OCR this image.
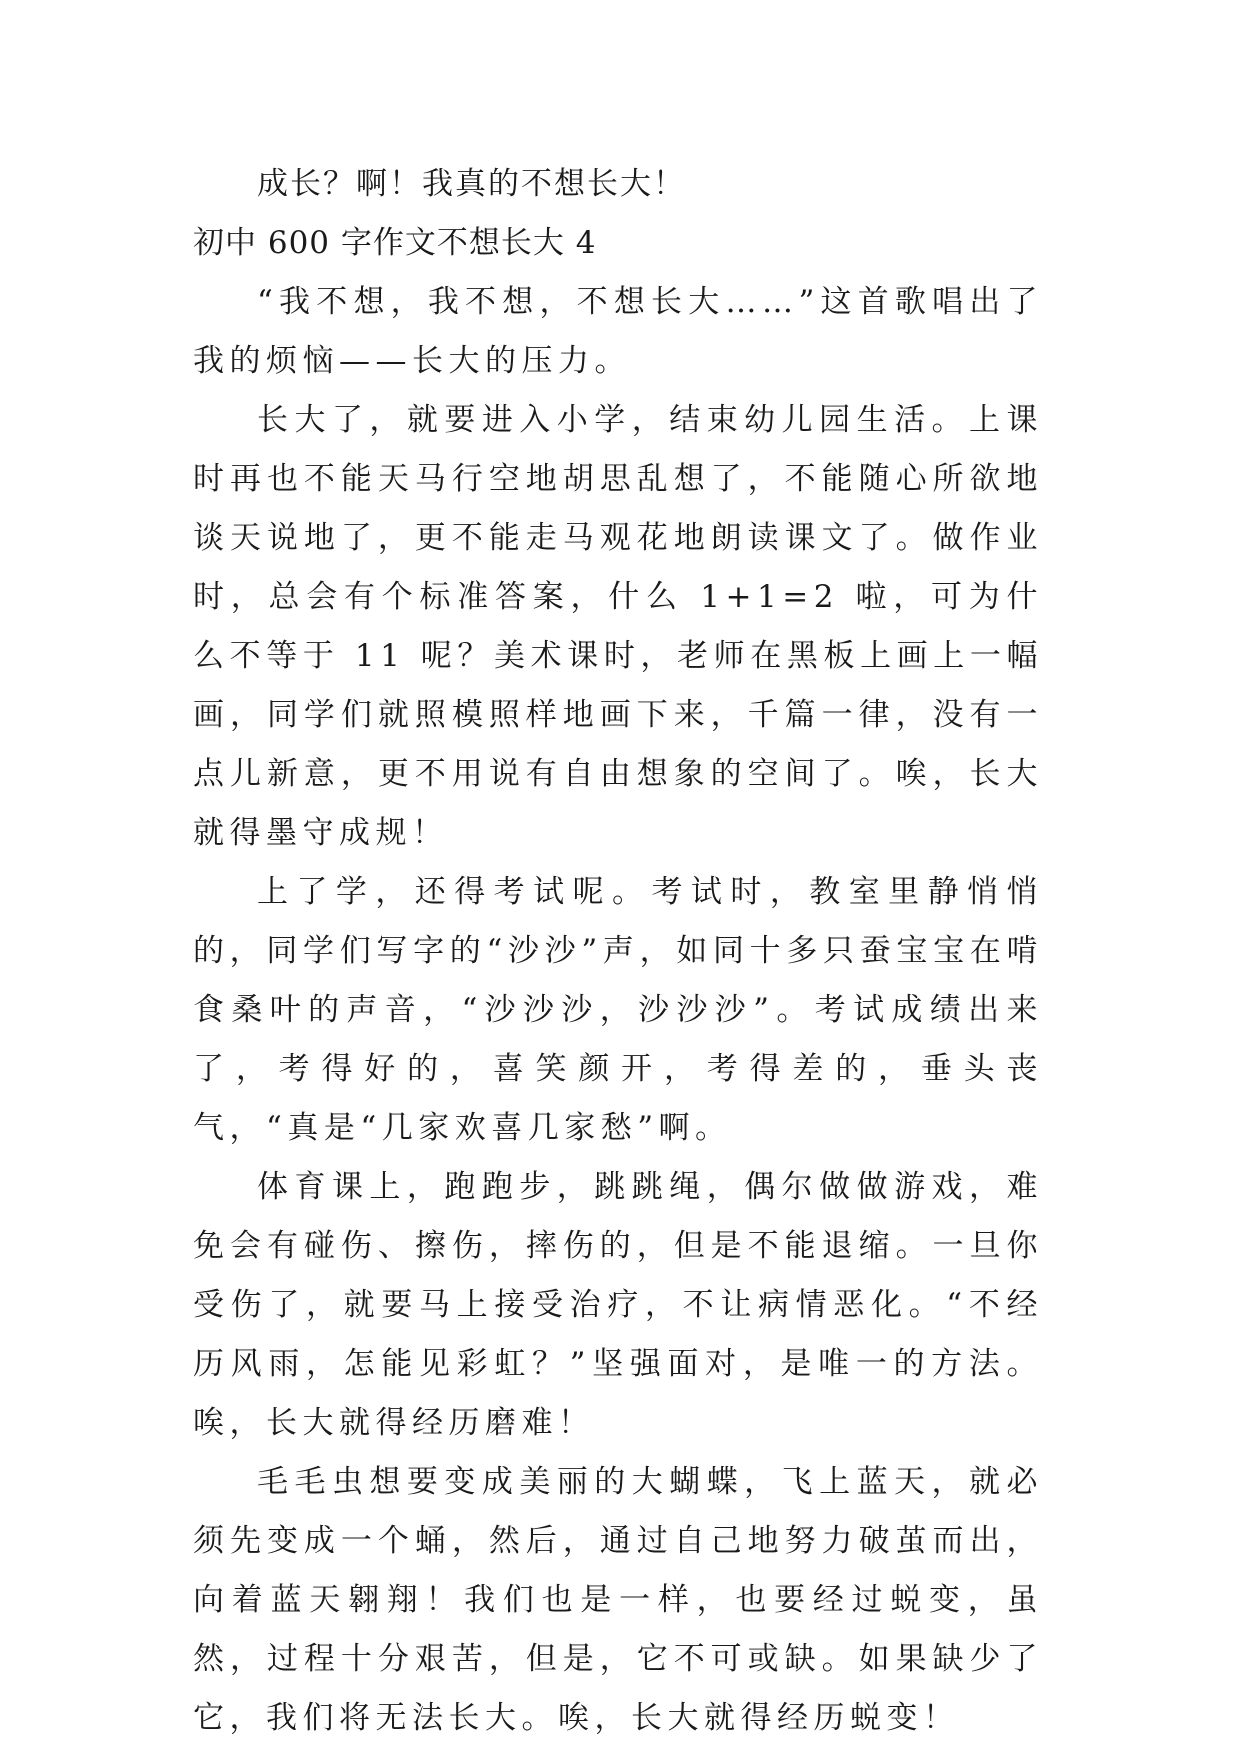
成长？啊！我真的不想长大！

初中 600 字作文不想长大 4

“我不想，我不想，不想长大……”这首歌唱出了我的烦恼——长大的压力。

长大了，就要进入小学，结束幼儿园生活。上课时再也不能天马行空地胡思乱想了，不能随心所欲地谈天说地了，更不能走马观花地朗读课文了。做作业时，总会有个标准答案，什么 1+1=2 啦，可为什么不等于 11 呢？美术课时，老师在黑板上画上一幅画，同学们就照模照样地画下来，千篇一律，没有一点儿新意，更不用说有自由想象的空间了。唉，长大就得墨守成规！

上了学，还得考试呢。考试时，教室里静悄悄的，同学们写字的“沙沙”声，如同十多只蚕宝宝在啃食桑叶的声音，“沙沙沙，沙沙沙”。考试成绩出来了，考得好的，喜笑颜开，考得差的，垂头丧气，“真是“几家欢喜几家愁”啊。

体育课上，跑跑步，跳跳绳，偶尔做做游戏，难免会有碰伤、擦伤，摔伤的，但是不能退缩。一旦你受伤了，就要马上接受治疗，不让病情恶化。“不经历风雨，怎能见彩虹？”坚强面对，是唯一的方法。唉，长大就得经历磨难！

毛毛虫想要变成美丽的大蝴蝶，飞上蓝天，就必须先变成一个蛹，然后，通过自己地努力破茧而出，向着蓝天翱翔！我们也是一样，也要经过蜕变，虽然，过程十分艰苦，但是，它不可或缺。如果缺少了它，我们将无法长大。唉，长大就得经历蜕变！
